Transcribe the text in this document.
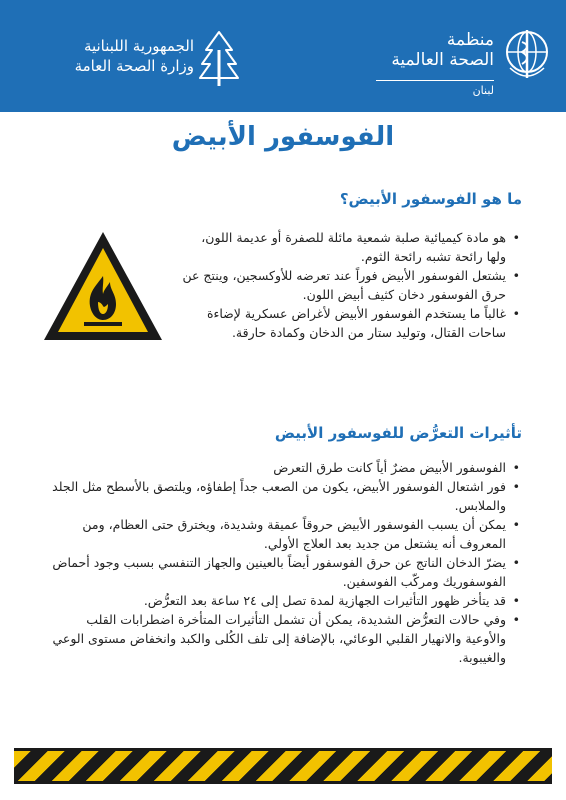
منظمة
الصحة العالمية
لبنان
الجمهورية اللبنانية
وزارة الصحة العامة
الفوسفور الأبيض
ما هو الفوسفور الأبيض؟
• هو مادة كيميائية صلبة شمعية مائلة للصفرة أو عديمة اللون، ولها رائحة تشبه رائحة الثوم.
• يشتعل الفوسفور الأبيض فوراً عند تعرضه للأوكسجين، وينتج عن حرق الفوسفور دخان كثيف أبيض اللون.
• غالباً ما يستخدم الفوسفور الأبيض لأغراض عسكرية لإضاءة ساحات القتال، وتوليد ستار من الدخان وكمادة حارقة.
تأثيرات التعرُّض للفوسفور الأبيض
• الفوسفور الأبيض مضرٌ أياً كانت طرق التعرض
• فور اشتعال الفوسفور الأبيض، يكون من الصعب جداً إطفاؤه، ويلتصق بالأسطح مثل الجلد والملابس.
• يمكن أن يسبب الفوسفور الأبيض حروقاً عميقة وشديدة، ويخترق حتى العظام، ومن المعروف أنه يشتعل من جديد بعد العلاج الأولي.
• يضرّ الدخان الناتج عن حرق الفوسفور أيضاً بالعينين والجهاز التنفسي بسبب وجود أحماض الفوسفوريك ومركّب الفوسفين.
• قد يتأخر ظهور التأثيرات الجهازية لمدة تصل إلى ٢٤ ساعة بعد التعرُّض.
• وفي حالات التعرُّض الشديدة، يمكن أن تشمل التأثيرات المتأخرة اضطرابات القلب والأوعية والانهيار القلبي الوعائي، بالإضافة إلى تلف الكُلى والكبد وانخفاض مستوى الوعي والغيبوبة.
